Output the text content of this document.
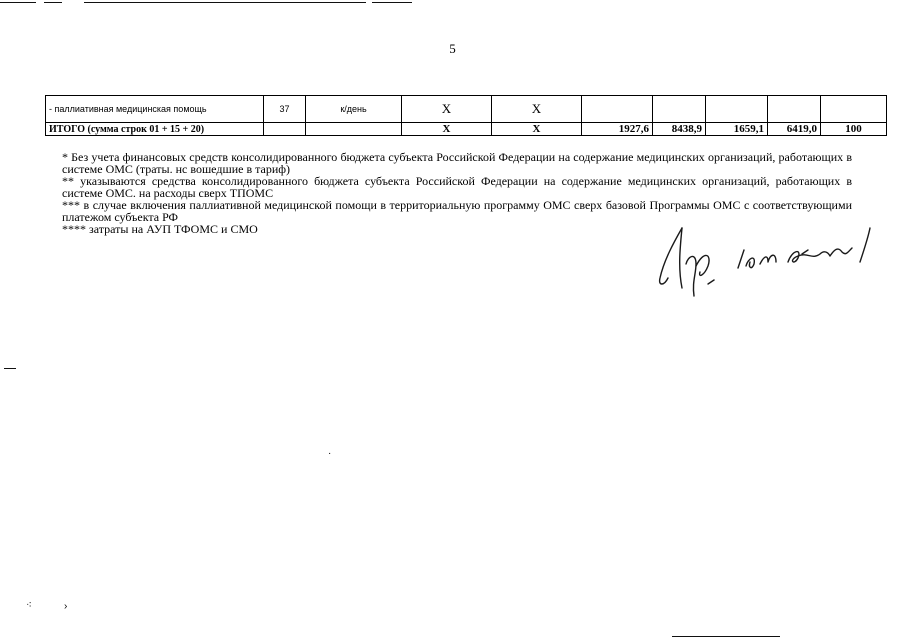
⁖	›
·
5
- паллиативная медицинская помощь	37	к/день	X	X					
ИТОГО (сумма строк 01 + 15 + 20)			X	X	1927,6	8438,9	1659,1	6419,0	100

* Без учета финансовых средств консолидированного бюджета субъекта Российской Федерации на содержание медицинских организаций, работающих в системе ОМС (траты. нс вошедшие в тариф)

** указываются средства консолидированного бюджета субъекта Российской Федерации на содержание медицинских организаций, работающих в системе ОМС. на расходы сверх ТПОМС

*** в случае включения паллиативной медицинской помощи в территориальную программу ОМС сверх базовой Программы ОМС с соответствующими платежом субъекта РФ

**** затраты на АУП ТФОМС и СМО
